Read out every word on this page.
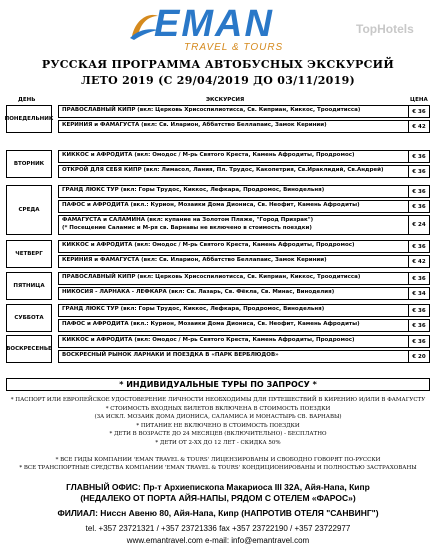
EMAN
TRAVEL & TOURS
TopHotels
РУССКАЯ ПРОГРАММА АВТОБУСНЫХ ЭКСКУРСИЙ
ЛЕТО 2019 (С 29/04/2019 ДО 03/11/2019)
ДЕНЬ	ЭКСКУРСИЯ	ЦЕНА
ПОНЕДЕЛЬНИК
ПРАВОСЛАВНЫЙ КИПР (вкл: Церковь Хрисоспилиотисса, Св. Киприан, Киккос, Троодитисса)	€ 36
КЕРИНИЯ и ФАМАГУСТА (вкл: Св. Иларион, Аббатство Беллапаис, Замок Керинии)	€ 42
ВТОРНИК
КИККОС и АФРОДИТА (вкл: Омодос / М-рь Святого Креста, Камень Афродиты, Продромос)	€ 36
ОТКРОЙ ДЛЯ СЕБЯ КИПР (вкл: Лимасол, Лания, Пл. Трудос, Какопетрия, Св.Ираклидий, Св.Андрей)	€ 36
СРЕДА
ГРАНД ЛЮКС ТУР (вкл: Горы Трудос, Киккос, Лефкара, Продромос, Винодельня)	€ 36
ПАФОС и АФРОДИТА (вкл.: Курион, Мозаики Дома Диониса, Св. Неофит, Камень Афродиты)	€ 36
ФАМАГУСТА и САЛАМИНА (вкл: купание на Золотом Пляже, "Город Призрак")
(* Посещение Саламис и М-ря св. Варнавы не включено в стоимость поездки)	€ 24
ЧЕТВЕРГ
КИККОС и АФРОДИТА (вкл: Омодос / М-рь Святого Креста, Камень Афродиты, Продромос)	€ 36
КЕРИНИЯ и ФАМАГУСТА (вкл: Св. Иларион, Аббатство Беллапаис, Замок Керинии)	€ 42
ПЯТНИЦА
ПРАВОСЛАВНЫЙ КИПР (вкл: Церковь Хрисоспилиотисса, Св. Киприан, Киккос, Троодитисса)	€ 36
НИКОСИЯ - ЛАРНАКА - ЛЕФКАРА (вкл: Св. Лазарь, Св. Фёкла, Св. Минас, Виноделия)	€ 34
СУББОТА
ГРАНД ЛЮКС ТУР (вкл: Горы Трудос, Киккос, Лефкара, Продромос, Винодельня)	€ 36
ПАФОС и АФРОДИТА (вкл.: Курион, Мозаики Дома Диониса, Св. Неофит, Камень Афродиты)	€ 36
ВОСКРЕСЕНЬЕ
КИККОС и АФРОДИТА (вкл: Омодос / М-рь Святого Креста, Камень Афродиты, Продромос)	€ 36
ВОСКРЕСНЫЙ РЫНОК ЛАРНАКИ И ПОЕЗДКА В «ПАРК ВЕРБЛЮДОВ»	€ 20
* ИНДИВИДУАЛЬНЫЕ ТУРЫ ПО ЗАПРОСУ *
* ПАСПОРТ ИЛИ ЕВРОПЕЙСКОЕ УДОСТОВЕРЕНИЕ ЛИЧНОСТИ НЕОБХОДИМЫ ДЛЯ ПУТЕШЕСТВИЙ В КИРЕНИЮ И/ИЛИ В ФАМАГУСТУ
* СТОИМОСТЬ ВХОДНЫХ БИЛЕТОВ ВКЛЮЧЕНА В СТОИМОСТЬ ПОЕЗДКИ
(ЗА ИСКЛ. МОЗАИК ДОМА ДИОНИСА, САЛАМИСА И МОНАСТЫРЬ СВ. ВАРНАВЫ)
* ПИТАНИЕ НЕ ВКЛЮЧЕНО В СТОИМОСТЬ ПОЕЗДКИ
* ДЕТИ В ВОЗРАСТЕ ДО 24 МЕСЯЦЕВ (ВКЛЮЧИТЕЛЬНО) - БЕСПЛАТНО
* ДЕТИ ОТ 2-ХХ ДО 12 ЛЕТ - СКИДКА 50%
* ВСЕ ГИДЫ КОМПАНИИ 'EMAN TRAVEL & TOURS' ЛИЦЕНЗИРОВАНЫ И СВОБОДНО ГОВОРЯТ ПО-РУССКИ
* ВСЕ ТРАНСПОРТНЫЕ СРЕДСТВА КОМПАНИИ 'EMAN TRAVEL & TOURS' КОНДИЦИОНИРОВАНЫ И ПОЛНОСТЬЮ ЗАСТРАХОВАНЫ
ГЛАВНЫЙ ОФИС: Пр-т Архиепископа Макариоса III 32А, Айя-Напа, Кипр
(НЕДАЛЕКО ОТ ПОРТА АЙЯ-НАПЫ, РЯДОМ С ОТЕЛЕМ «ФАРОС»)
ФИЛИАЛ: Ниссн Авеню 80, Айя-Напа, Кипр (НАПРОТИВ ОТЕЛЯ "САНВИНГ")
tel. +357 23721321 / +357 23721336 fax +357 23722190 / +357 23722977
www.emantravel.com e-mail: info@emantravel.com
